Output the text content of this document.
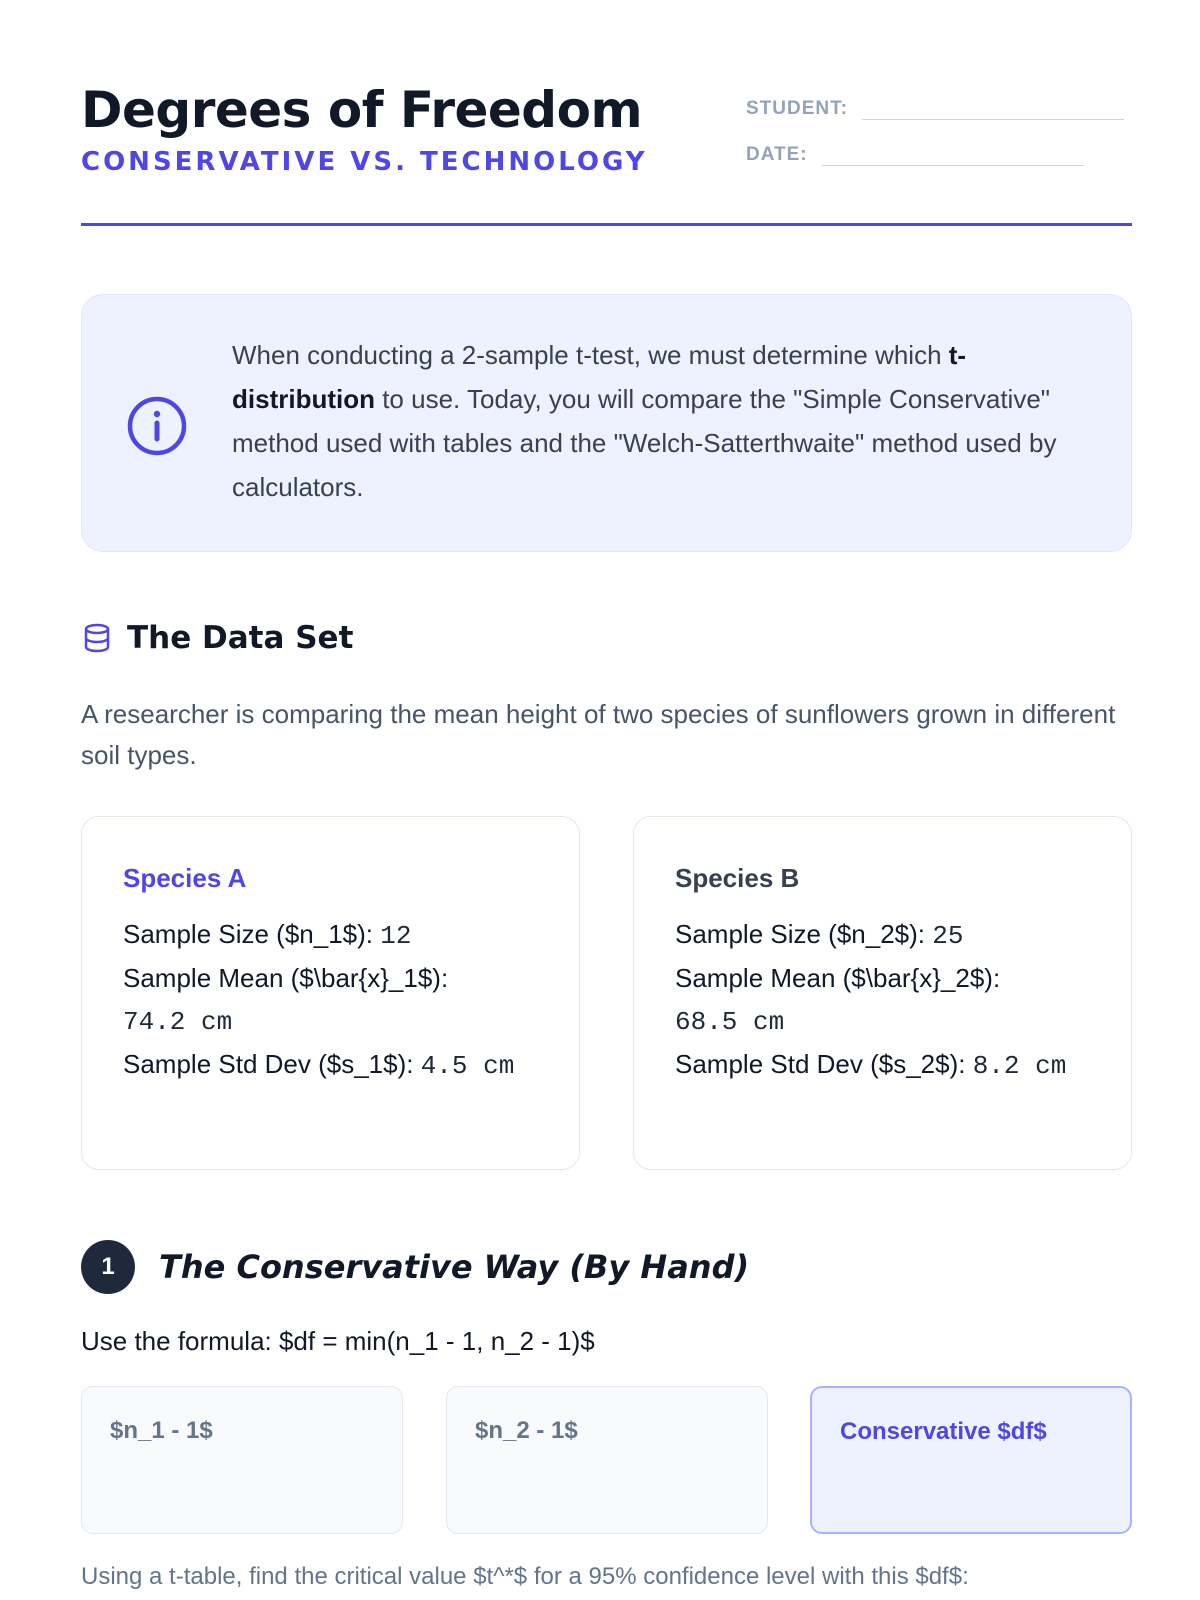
Degrees of Freedom
CONSERVATIVE VS. TECHNOLOGY
STUDENT:
DATE:
When conducting a 2-sample t-test, we must determine which t-distribution to use. Today, you will compare the "Simple Conservative" method used with tables and the "Welch-Satterthwaite" method used by calculators.
The Data Set
A researcher is comparing the mean height of two species of sunflowers grown in different soil types.
Species A
Sample Size ($n_1$): 12
Sample Mean ($\bar{x}_1$):
74.2 cm
Sample Std Dev ($s_1$): 4.5 cm
Species B
Sample Size ($n_2$): 25
Sample Mean ($\bar{x}_2$):
68.5 cm
Sample Std Dev ($s_2$): 8.2 cm
1	The Conservative Way (By Hand)
Use the formula: $df = min(n_1 - 1, n_2 - 1)$
$n_1 - 1$	$n_2 - 1$	Conservative $df$
Using a t-table, find the critical value $t^*$ for a 95% confidence level with this $df$:
